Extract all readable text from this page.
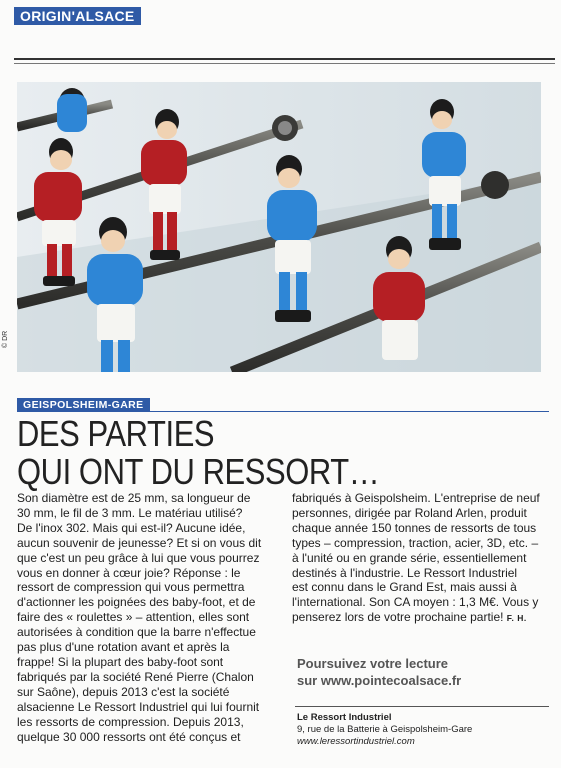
ORIGIN'ALSACE
© DR
GEISPOLSHEIM-GARE
DES PARTIES
QUI ONT DU RESSORT…
Son diamètre est de 25 mm, sa longueur de
30 mm, le fil de 3 mm. Le matériau utilisé?
De l'inox 302. Mais qui est-il? Aucune idée,
aucun souvenir de jeunesse? Et si on vous dit
que c'est un peu grâce à lui que vous pourrez
vous en donner à cœur joie? Réponse : le
ressort de compression qui vous permettra
d'actionner les poignées des baby-foot, et de
faire des « roulettes » – attention, elles sont
autorisées à condition que la barre n'effectue
pas plus d'une rotation avant et après la
frappe! Si la plupart des baby-foot sont
fabriqués par la société René Pierre (Chalon
sur Saône), depuis 2013 c'est la société
alsacienne Le Ressort Industriel qui lui fournit
les ressorts de compression. Depuis 2013,
quelque 30 000 ressorts ont été conçus et
fabriqués à Geispolsheim. L'entreprise de neuf
personnes, dirigée par Roland Arlen, produit
chaque année 150 tonnes de ressorts de tous
types – compression, traction, acier, 3D, etc. –
à l'unité ou en grande série, essentiellement
destinés à l'industrie. Le Ressort Industriel
est connu dans le Grand Est, mais aussi à
l'international. Son CA moyen : 1,3 M€. Vous y
penserez lors de votre prochaine partie! F. H.
Poursuivez votre lecture
sur www.pointecoalsace.fr
Le Ressort Industriel
9, rue de la Batterie à Geispolsheim-Gare
www.leressortindustriel.com
